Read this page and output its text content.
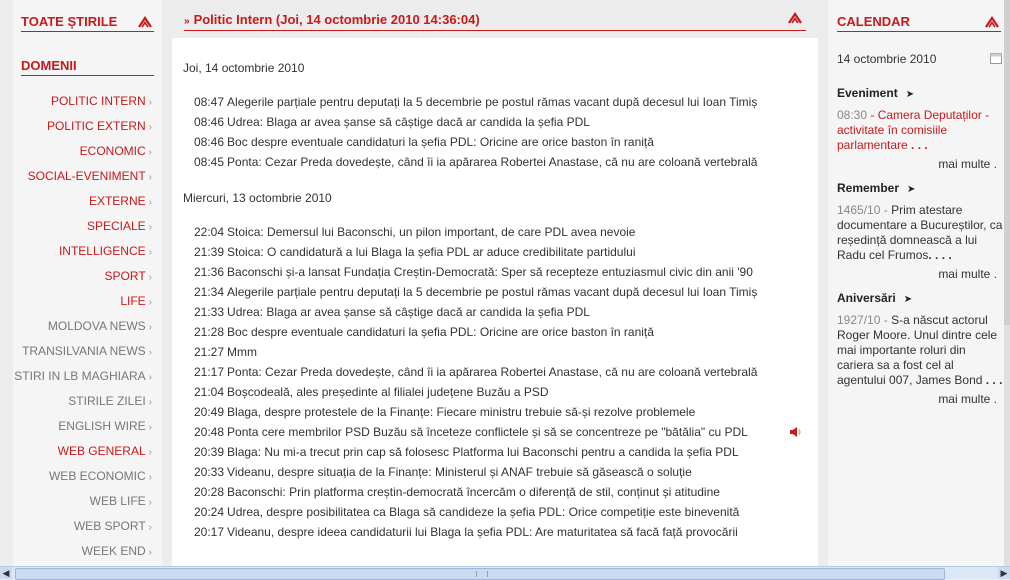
TOATE ȘTIRILE
DOMENII
POLITIC INTERN ›
POLITIC EXTERN ›
ECONOMIC ›
SOCIAL-EVENIMENT ›
EXTERNE ›
SPECIALE ›
INTELLIGENCE ›
SPORT ›
LIFE ›
MOLDOVA NEWS ›
TRANSILVANIA NEWS ›
STIRI IN LB MAGHIARA ›
STIRILE ZILEI ›
ENGLISH WIRE ›
WEB GENERAL ›
WEB ECONOMIC ›
WEB LIFE ›
WEB SPORT ›
WEEK END ›
» Politic Intern (Joi, 14 octombrie 2010 14:36:04)
Joi, 14 octombrie 2010
08:47 Alegerile parțiale pentru deputați la 5 decembrie pe postul rămas vacant după decesul lui Ioan Timiș
08:46 Udrea: Blaga ar avea șanse să câștige dacă ar candida la șefia PDL
08:46 Boc despre eventuale candidaturi la șefia PDL: Oricine are orice baston în raniță
08:45 Ponta: Cezar Preda dovedește, când îi ia apărarea Robertei Anastase, că nu are coloană vertebrală
Miercuri, 13 octombrie 2010
22:04 Stoica: Demersul lui Baconschi, un pilon important, de care PDL avea nevoie
21:39 Stoica: O candidatură a lui Blaga la șefia PDL ar aduce credibilitate partidului
21:36 Baconschi și-a lansat Fundația Creștin-Democrată: Sper să recepteze entuziasmul civic din anii '90
21:34 Alegerile parțiale pentru deputați la 5 decembrie pe postul rămas vacant după decesul lui Ioan Timiș
21:33 Udrea: Blaga ar avea șanse să câștige dacă ar candida la șefia PDL
21:28 Boc despre eventuale candidaturi la șefia PDL: Oricine are orice baston în raniță
21:27 Mmm
21:17 Ponta: Cezar Preda dovedește, când îi ia apărarea Robertei Anastase, că nu are coloană vertebrală
21:04 Boșcodeală, ales președinte al filialei județene Buzău a PSD
20:49 Blaga, despre protestele de la Finanțe: Fiecare ministru trebuie să-și rezolve problemele
20:48 Ponta cere membrilor PSD Buzău să înceteze conflictele și să se concentreze pe "bătălia" cu PDL
20:39 Blaga: Nu mi-a trecut prin cap să folosesc Platforma lui Baconschi pentru a candida la șefia PDL
20:33 Videanu, despre situația de la Finanțe: Ministerul și ANAF trebuie să găsească o soluție
20:28 Baconschi: Prin platforma creștin-democrată încercăm o diferență de stil, conținut și atitudine
20:24 Udrea, despre posibilitatea ca Blaga să candideze la șefia PDL: Orice competiție este binevenită
20:17 Videanu, despre ideea candidaturii lui Blaga la șefia PDL: Are maturitatea să facă față provocării
CALENDAR
14 octombrie 2010
Eveniment ➤
08:30 - Camera Deputaților - activitate în comisiile parlamentare . . .
mai multe .
Remember ➤
1465/10 - Prim atestare documentare a Bucureștilor, ca reședință domnească a lui Radu cel Frumos. . . .
mai multe .
Aniversări ➤
1927/10 - S-a născut actorul Roger Moore. Unul dintre cele mai importante roluri din cariera sa a fost cel al agentului 007, James Bond . . .
mai multe .
◀	▶
